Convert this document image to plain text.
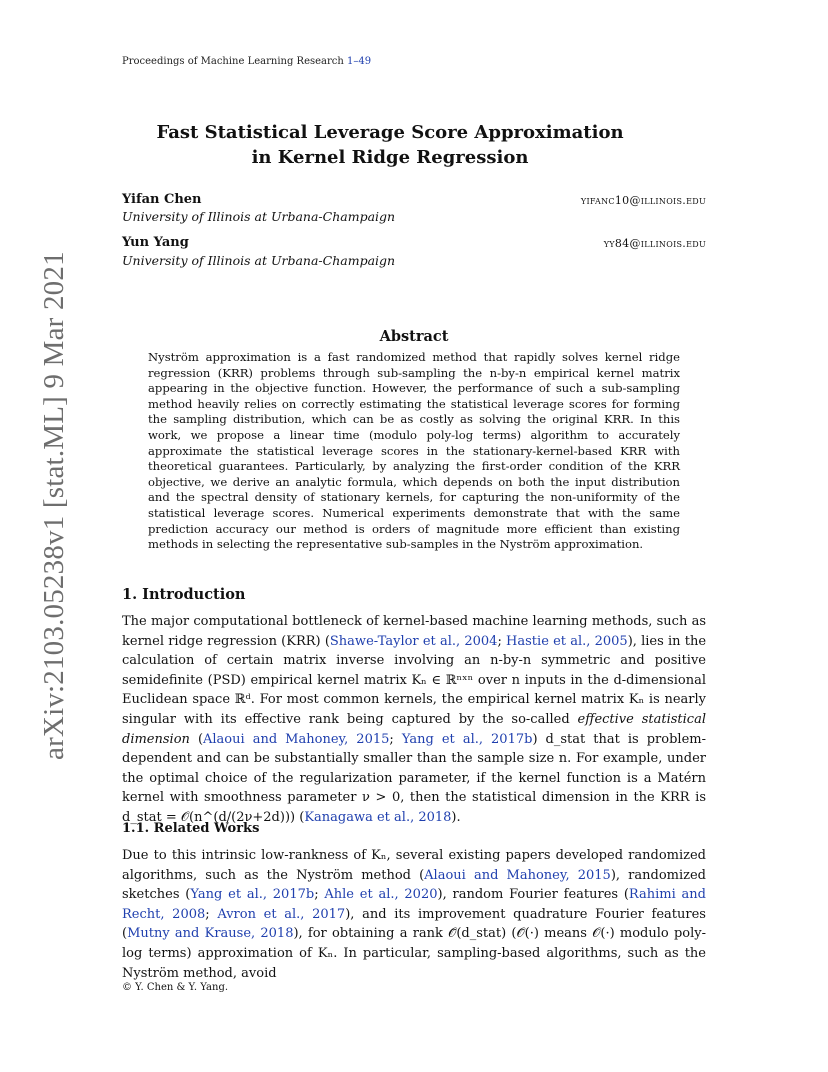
Proceedings of Machine Learning Research 1–49
arXiv:2103.05238v1 [stat.ML] 9 Mar 2021
Fast Statistical Leverage Score Approximation
in Kernel Ridge Regression
Yifan Chen	yifanc10@illinois.edu
University of Illinois at Urbana-Champaign
Yun Yang	yy84@illinois.edu
University of Illinois at Urbana-Champaign
Abstract
Nyström approximation is a fast randomized method that rapidly solves kernel ridge regression (KRR) problems through sub-sampling the n-by-n empirical kernel matrix appearing in the objective function. However, the performance of such a sub-sampling method heavily relies on correctly estimating the statistical leverage scores for forming the sampling distribution, which can be as costly as solving the original KRR. In this work, we propose a linear time (modulo poly-log terms) algorithm to accurately approximate the statistical leverage scores in the stationary-kernel-based KRR with theoretical guarantees. Particularly, by analyzing the first-order condition of the KRR objective, we derive an analytic formula, which depends on both the input distribution and the spectral density of stationary kernels, for capturing the non-uniformity of the statistical leverage scores. Numerical experiments demonstrate that with the same prediction accuracy our method is orders of magnitude more efficient than existing methods in selecting the representative sub-samples in the Nyström approximation.
1. Introduction
The major computational bottleneck of kernel-based machine learning methods, such as kernel ridge regression (KRR) (Shawe-Taylor et al., 2004; Hastie et al., 2005), lies in the calculation of certain matrix inverse involving an n-by-n symmetric and positive semidefinite (PSD) empirical kernel matrix Kₙ ∈ ℝⁿˣⁿ over n inputs in the d-dimensional Euclidean space ℝᵈ. For most common kernels, the empirical kernel matrix Kₙ is nearly singular with its effective rank being captured by the so-called effective statistical dimension (Alaoui and Mahoney, 2015; Yang et al., 2017b) d_stat that is problem-dependent and can be substantially smaller than the sample size n. For example, under the optimal choice of the regularization parameter, if the kernel function is a Matérn kernel with smoothness parameter ν > 0, then the statistical dimension in the KRR is d_stat = 𝒪(n^(d/(2ν+2d))) (Kanagawa et al., 2018).
1.1. Related Works
Due to this intrinsic low-rankness of Kₙ, several existing papers developed randomized algorithms, such as the Nyström method (Alaoui and Mahoney, 2015), randomized sketches (Yang et al., 2017b; Ahle et al., 2020), random Fourier features (Rahimi and Recht, 2008; Avron et al., 2017), and its improvement quadrature Fourier features (Mutny and Krause, 2018), for obtaining a rank 𝒪̃(d_stat) (𝒪̃(·) means 𝒪(·) modulo poly-log terms) approximation of Kₙ. In particular, sampling-based algorithms, such as the Nyström method, avoid
© Y. Chen & Y. Yang.
